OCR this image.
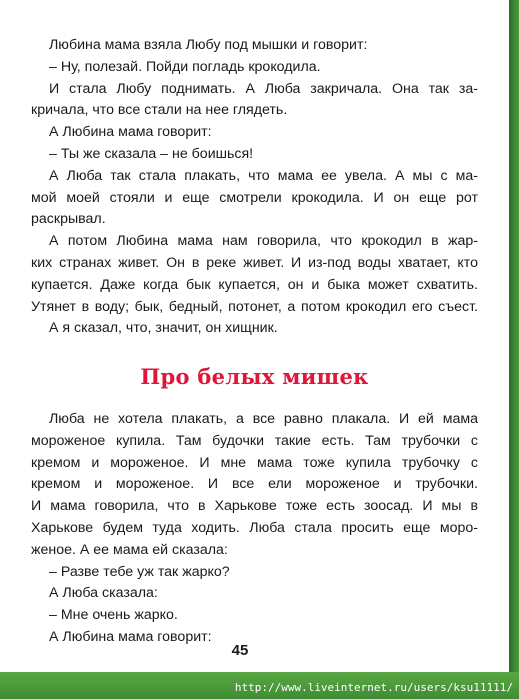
Любина мама взяла Любу под мышки и говорит:

– Ну, полезай. Пойди погладь крокодила.

И стала Любу поднимать. А Люба закричала. Она так за-

кричала, что все стали на нее глядеть.

А Любина мама говорит:

– Ты же сказала – не боишься!

А Люба так стала плакать, что мама ее увела. А мы с ма-

мой моей стояли и еще смотрели крокодила. И он еще рот

раскрывал.

А потом Любина мама нам говорила, что крокодил в жар-

ких странах живет. Он в реке живет. И из-под воды хватает, кто

купается. Даже когда бык купается, он и быка может схватить.

Утянет в воду; бык, бедный, потонет, а потом крокодил его съест.

А я сказал, что, значит, он хищник.

Про белых мишек

Люба не хотела плакать, а все равно плакала. И ей мама

мороженое купила. Там будочки такие есть. Там трубочки с

кремом и мороженое. И мне мама тоже купила трубочку с

кремом и мороженое. И все ели мороженое и трубочки.

И мама говорила, что в Харькове тоже есть зоосад. И мы в

Харькове будем туда ходить. Люба стала просить еще моро-

женое. А ее мама ей сказала:

– Разве тебе уж так жарко?

А Люба сказала:

– Мне очень жарко.

А Любина мама говорит:

45
http://www.liveinternet.ru/users/ksu11111/
